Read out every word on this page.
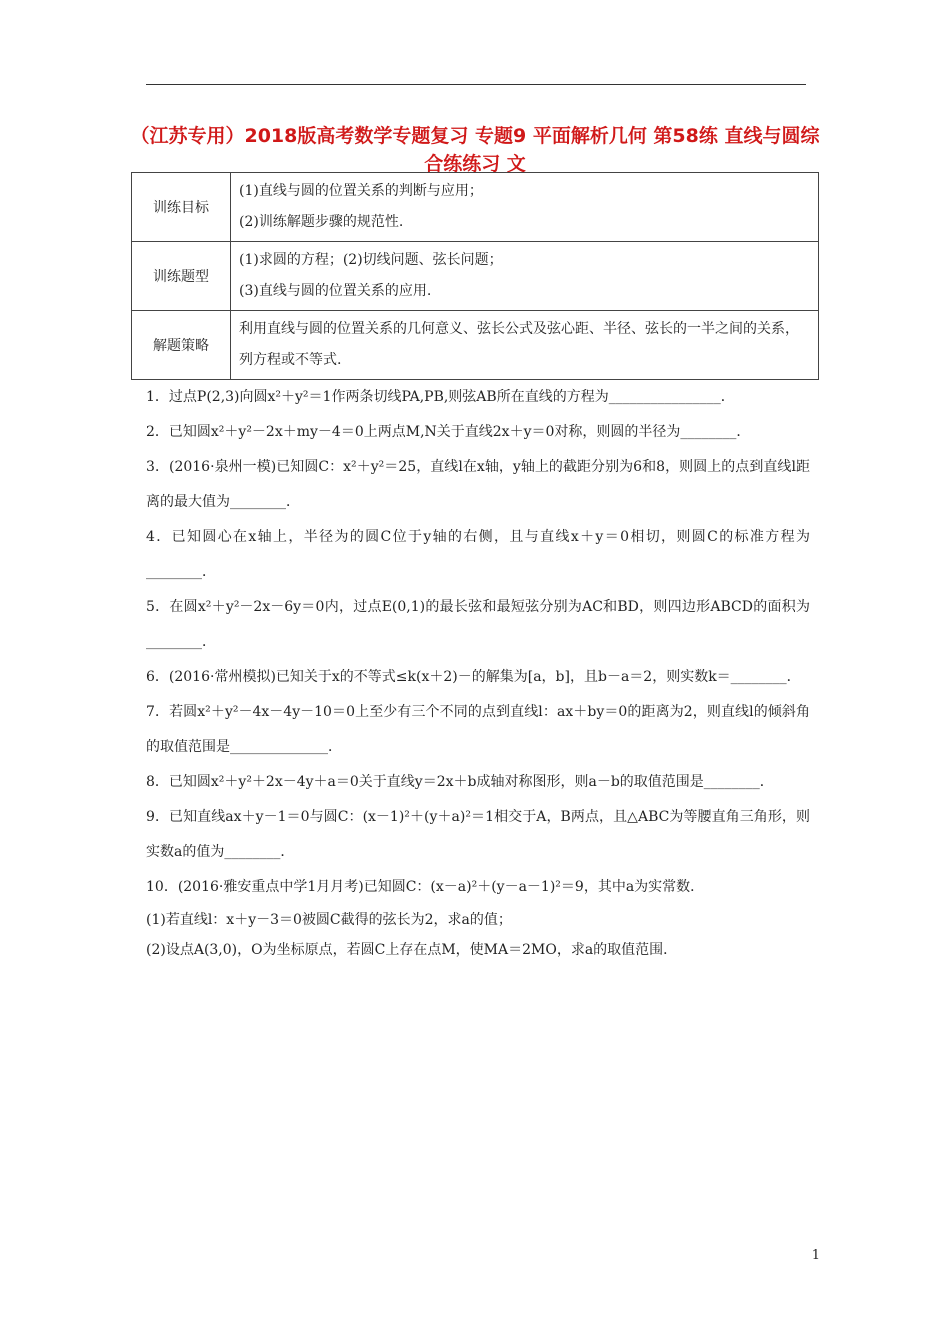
（江苏专用）2018版高考数学专题复习 专题9 平面解析几何 第58练 直线与圆综合练练习 文
训练目标	(1)直线与圆的位置关系的判断与应用；
(2)训练解题步骤的规范性.

训练题型	(1)求圆的方程；(2)切线问题、弦长问题；
(3)直线与圆的位置关系的应用.

解题策略	利用直线与圆的位置关系的几何意义、弦长公式及弦心距、半径、弦长的一半之间的关系，列方程或不等式.

1．过点P(2,3)向圆x²＋y²＝1作两条切线PA,PB,则弦AB所在直线的方程为________________．

2．已知圆x²＋y²－2x＋my－4＝0上两点M,N关于直线2x＋y＝0对称，则圆的半径为________．

3．(2016·泉州一模)已知圆C：x²＋y²＝25，直线l在x轴，y轴上的截距分别为6和8，则圆上的点到直线l距离的最大值为________．

4．已知圆心在x轴上，半径为的圆C位于y轴的右侧，且与直线x＋y＝0相切，则圆C的标准方程为________．

5．在圆x²＋y²－2x－6y＝0内，过点E(0,1)的最长弦和最短弦分别为AC和BD，则四边形ABCD的面积为________．

6．(2016·常州模拟)已知关于x的不等式≤k(x＋2)－的解集为[a，b]，且b－a＝2，则实数k＝________．

7．若圆x²＋y²－4x－4y－10＝0上至少有三个不同的点到直线l：ax＋by＝0的距离为2，则直线l的倾斜角的取值范围是______________．

8．已知圆x²＋y²＋2x－4y＋a＝0关于直线y＝2x＋b成轴对称图形，则a－b的取值范围是________．

9．已知直线ax＋y－1＝0与圆C：(x－1)²＋(y＋a)²＝1相交于A，B两点，且△ABC为等腰直角三角形，则实数a的值为________．

10．(2016·雅安重点中学1月月考)已知圆C：(x－a)²＋(y－a－1)²＝9，其中a为实常数．

(1)若直线l：x＋y－3＝0被圆C截得的弦长为2，求a的值；

(2)设点A(3,0)，O为坐标原点，若圆C上存在点M，使MA＝2MO，求a的取值范围．

1
